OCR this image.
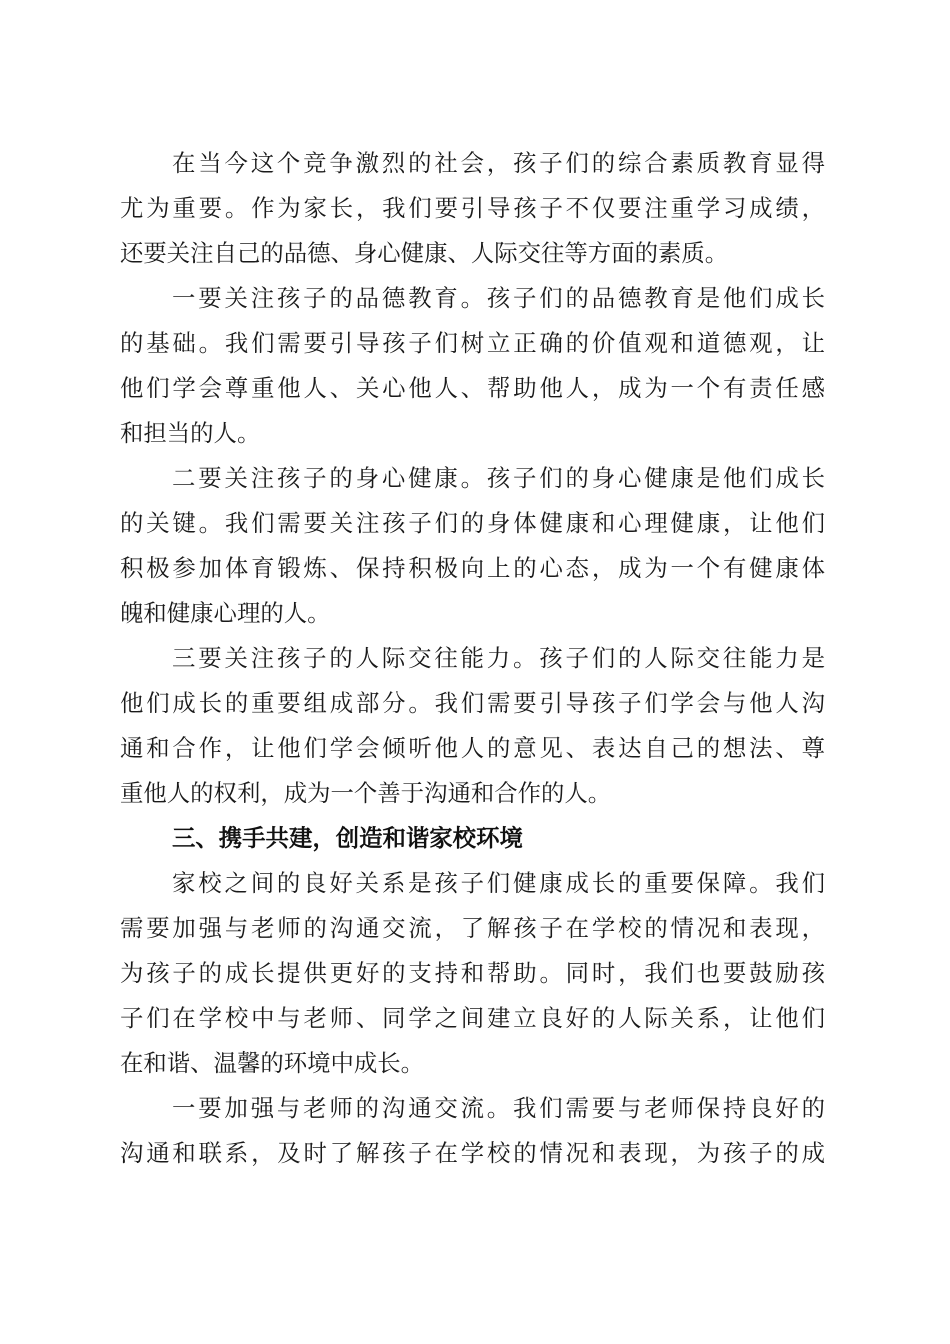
在当今这个竞争激烈的社会，孩子们的综合素质教育显得
尤为重要。作为家长，我们要引导孩子不仅要注重学习成绩，
还要关注自己的品德、身心健康、人际交往等方面的素质。
一要关注孩子的品德教育。孩子们的品德教育是他们成长
的基础。我们需要引导孩子们树立正确的价值观和道德观，让
他们学会尊重他人、关心他人、帮助他人，成为一个有责任感
和担当的人。
二要关注孩子的身心健康。孩子们的身心健康是他们成长
的关键。我们需要关注孩子们的身体健康和心理健康，让他们
积极参加体育锻炼、保持积极向上的心态，成为一个有健康体
魄和健康心理的人。
三要关注孩子的人际交往能力。孩子们的人际交往能力是
他们成长的重要组成部分。我们需要引导孩子们学会与他人沟
通和合作，让他们学会倾听他人的意见、表达自己的想法、尊
重他人的权利，成为一个善于沟通和合作的人。
三、携手共建，创造和谐家校环境
家校之间的良好关系是孩子们健康成长的重要保障。我们
需要加强与老师的沟通交流，了解孩子在学校的情况和表现，
为孩子的成长提供更好的支持和帮助。同时，我们也要鼓励孩
子们在学校中与老师、同学之间建立良好的人际关系，让他们
在和谐、温馨的环境中成长。
一要加强与老师的沟通交流。我们需要与老师保持良好的
沟通和联系，及时了解孩子在学校的情况和表现，为孩子的成
